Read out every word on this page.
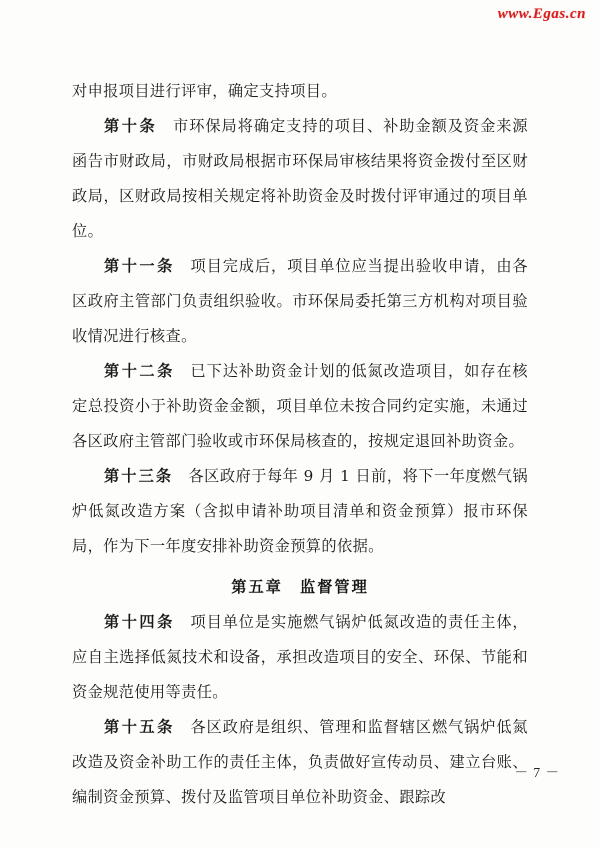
www.Egas.cn

对申报项目进行评审，确定支持项目。

第十条　 市环保局将确定支持的项目、补助金额及资金来源函告市财政局，市财政局根据市环保局审核结果将资金拨付至区财政局，区财政局按相关规定将补助资金及时拨付评审通过的项目单位。

第十一条　 项目完成后，项目单位应当提出验收申请，由各区政府主管部门负责组织验收。市环保局委托第三方机构对项目验收情况进行核查。

第十二条　 已下达补助资金计划的低氮改造项目，如存在核定总投资小于补助资金金额，项目单位未按合同约定实施，未通过各区政府主管部门验收或市环保局核查的，按规定退回补助资金。

第十三条　 各区政府于每年 9 月 1 日前，将下一年度燃气锅炉低氮改造方案（含拟申请补助项目清单和资金预算）报市环保局，作为下一年度安排补助资金预算的依据。

第五章　监督管理

第十四条　 项目单位是实施燃气锅炉低氮改造的责任主体，应自主选择低氮技术和设备，承担改造项目的安全、环保、节能和资金规范使用等责任。

第十五条　 各区政府是组织、管理和监督辖区燃气锅炉低氮改造及资金补助工作的责任主体，负责做好宣传动员、建立台账、编制资金预算、拨付及监管项目单位补助资金、跟踪改

－ 7 －
